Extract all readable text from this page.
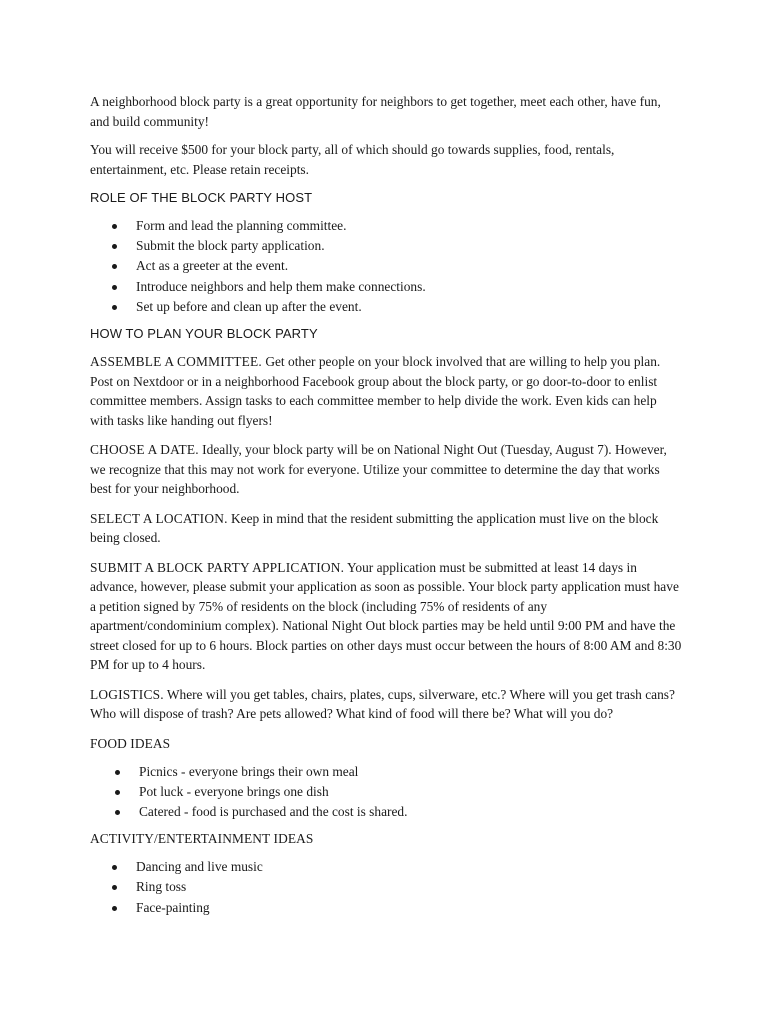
A neighborhood block party is a great opportunity for neighbors to get together, meet each other, have fun, and build community!

You will receive $500 for your block party, all of which should go towards supplies, food, rentals, entertainment, etc. Please retain receipts.

ROLE OF THE BLOCK PARTY HOST
Form and lead the planning committee.
Submit the block party application.
Act as a greeter at the event.
Introduce neighbors and help them make connections.
Set up before and clean up after the event.
HOW TO PLAN YOUR BLOCK PARTY

ASSEMBLE A COMMITTEE. Get other people on your block involved that are willing to help you plan. Post on Nextdoor or in a neighborhood Facebook group about the block party, or go door-to-door to enlist committee members. Assign tasks to each committee member to help divide the work. Even kids can help with tasks like handing out flyers!

CHOOSE A DATE. Ideally, your block party will be on National Night Out (Tuesday, August 7). However, we recognize that this may not work for everyone. Utilize your committee to determine the day that works best for your neighborhood.

SELECT A LOCATION. Keep in mind that the resident submitting the application must live on the block being closed.

SUBMIT A BLOCK PARTY APPLICATION. Your application must be submitted at least 14 days in advance, however, please submit your application as soon as possible. Your block party application must have a petition signed by 75% of residents on the block (including 75% of residents of any apartment/condominium complex). National Night Out block parties may be held until 9:00 PM and have the street closed for up to 6 hours. Block parties on other days must occur between the hours of 8:00 AM and 8:30 PM for up to 4 hours.

LOGISTICS. Where will you get tables, chairs, plates, cups, silverware, etc.? Where will you get trash cans? Who will dispose of trash? Are pets allowed? What kind of food will there be? What will you do?

FOOD IDEAS
Picnics - everyone brings their own meal
Pot luck - everyone brings one dish
Catered - food is purchased and the cost is shared.
ACTIVITY/ENTERTAINMENT IDEAS
Dancing and live music
Ring toss
Face-painting
